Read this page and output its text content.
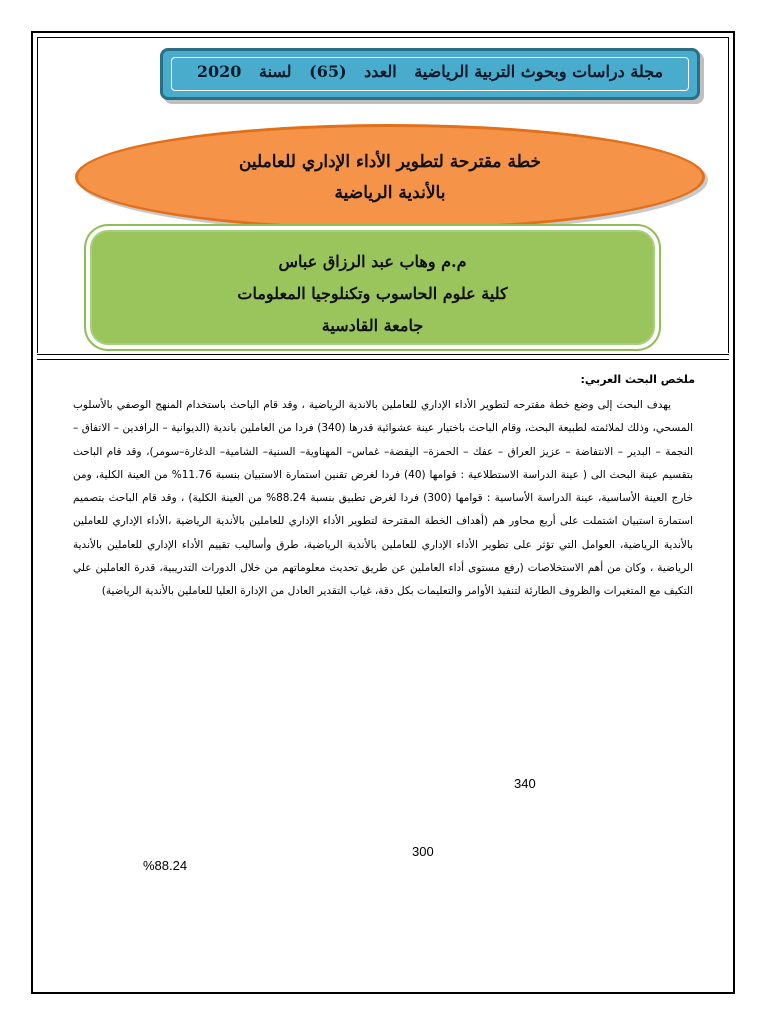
مجلة دراسات وبحوث التربية الرياضية العدد (65) لسنة 2020
خطة مقترحة لتطوير الأداء الإداري للعاملين
بالأندية الرياضية
م.م وهاب عبد الرزاق عباس
كلية علوم الحاسوب وتكنلوجيا المعلومات
جامعة القادسية
ملخص البحث العربي:

يهدف البحث إلى وضع خطة مقترحه لتطوير الأداء الإداري للعاملين بالاندية الرياضية ، وقد قام الباحث باستخدام المنهج الوصفي بالأسلوب المسحي، وذلك لملائمته لطبيعة البحث، وقام الباحث باختيار عينة عشوائية قدرها (340) فردا من العاملين باندية (الديوانية – الرافدين – الاتفاق – النجمة – البدير – الانتفاضة – عزيز العراق – عفك – الحمزة– اليقضة– غماس– المهناوية– السنية– الشامية– الدغارة–سومر)، وقد قام الباحث بتقسيم عينة البحث الى ( عينة الدراسة الاستطلاعية : قوامها (40) فردا لغرض تقنين استمارة الاستبيان بنسبة 11.76% من العينة الكلية، ومن خارج العينة الأساسية، عينة الدراسة الأساسية : قوامها (300) فردا لغرض تطبيق بنسبة 88.24% من العينة الكلية) ، وقد قام الباحث بتصميم استمارة استبيان اشتملت على أربع محاور هم (أهداف الخطة المقترحة لتطوير الأداء الإداري للعاملين بالأندية الرياضية ،الأداء الإداري للعاملين بالأندية الرياضية، العوامل التي تؤثر على تطوير الأداء الإداري للعاملين بالأندية الرياضية، طرق وأساليب تقييم الأداء الإداري للعاملين بالأندية الرياضية ، وكان من أهم الاستخلاصات (رفع مستوى أداء العاملين عن طريق تحديث معلوماتهم من خلال الدورات التدريبية، قدرة العاملين علي التكيف مع المتغيرات والظروف الطارئة لتنفيذ الأوامر والتعليمات بكل دقة، غياب التقدير العادل من الإدارة العليا للعاملين بالأندية الرياضية)

340
300
%88.24
